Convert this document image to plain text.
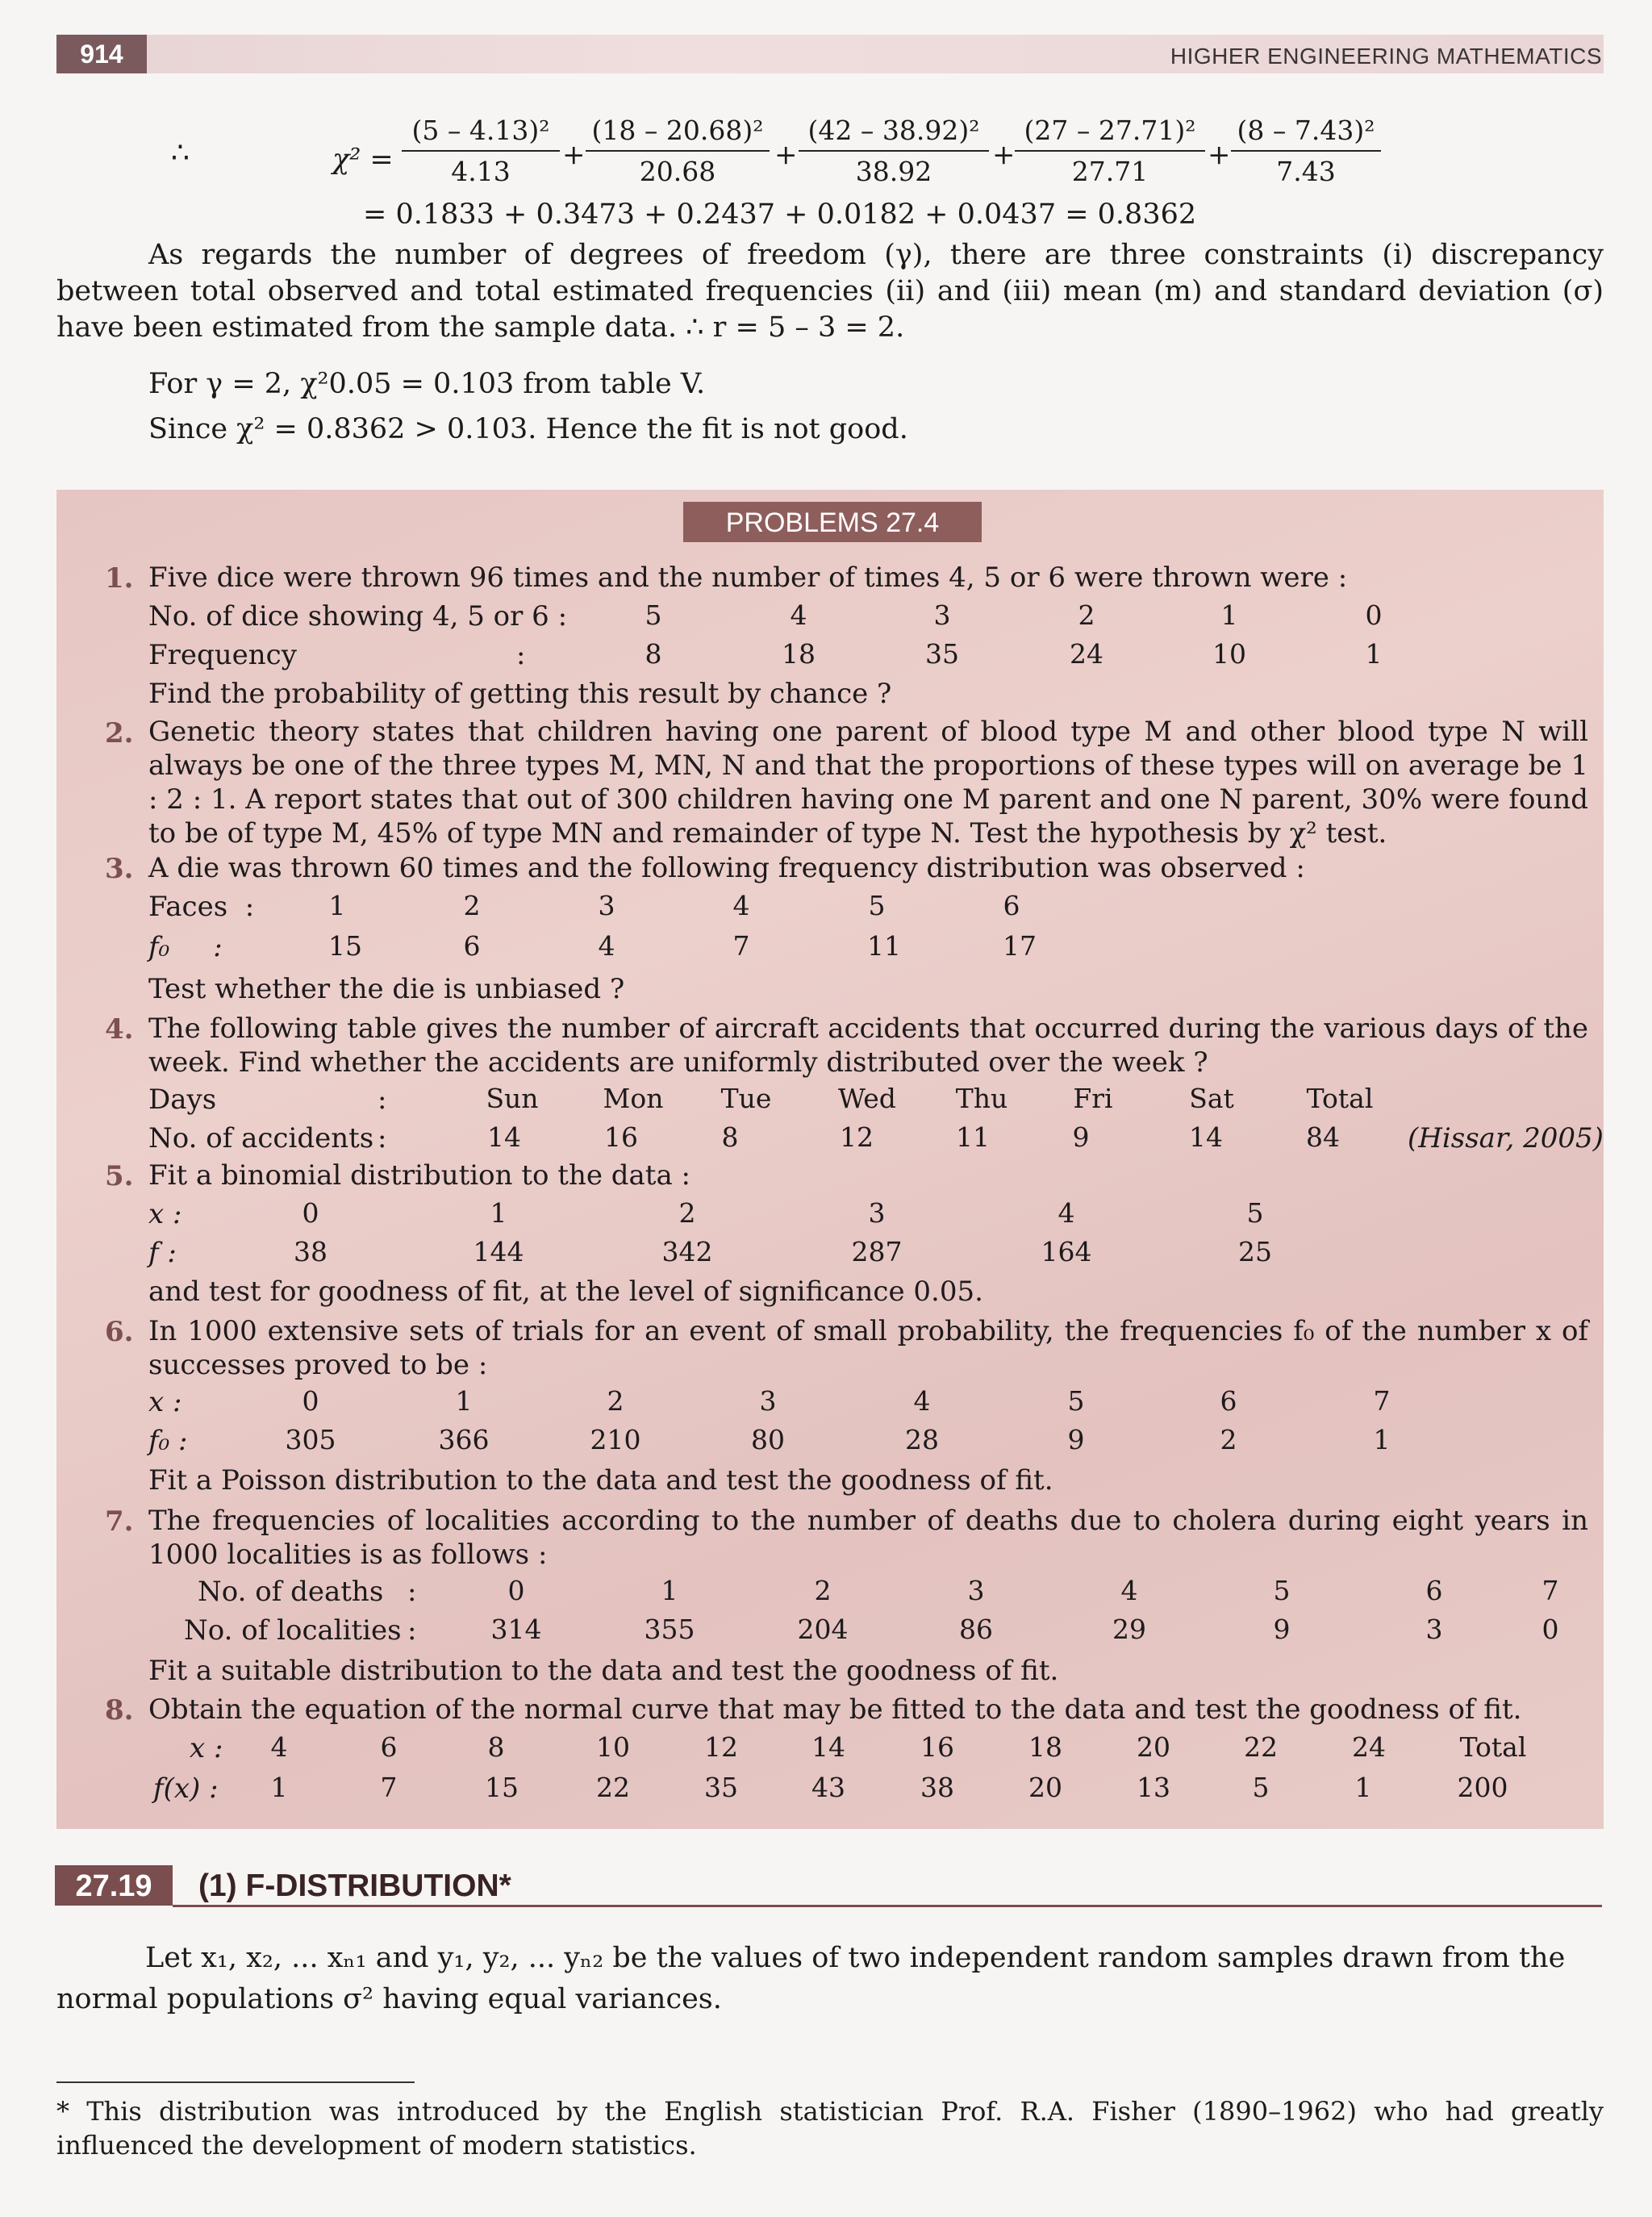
914	HIGHER ENGINEERING MATHEMATICS
∴	$\chi^2 = \frac{\text{(5 – 4.13)²}}{4.13} + \frac{\text{(18 – 20.68)²}}{20.68} + \frac{\text{(42 – 38.92)²}}{38.92} + \frac{\text{(27 – 27.71)²}}{27.71} + \frac{\text{(8 – 7.43)²}}{7.43}$
= 0.1833 + 0.3473 + 0.2437 + 0.0182 + 0.0437 = 0.8362
As regards the number of degrees of freedom (γ), there are three constraints (i) discrepancy between total observed and total estimated frequencies (ii) and (iii) mean (m) and standard deviation (σ) have been estimated from the sample data. ∴ r = 5 – 3 = 2.
For γ = 2, χ²0.05 = 0.103 from table V.
Since χ² = 0.8362 > 0.103. Hence the fit is not good.
PROBLEMS 27.4
1. Five dice were thrown 96 times and the number of times 4, 5 or 6 were thrown were :
No. of dice showing 4, 5 or 6 :	5	4	3	2	1	0
Frequency	:	8	18	35	24	10	1
Find the probability of getting this result by chance ?
2. Genetic theory states that children having one parent of blood type M and other blood type N will always be one of the three types M, MN, N and that the proportions of these types will on average be 1 : 2 : 1. A report states that out of 300 children having one M parent and one N parent, 30% were found to be of type M, 45% of type MN and remainder of type N. Test the hypothesis by χ² test.
3. A die was thrown 60 times and the following frequency distribution was observed :
Faces  :	1	2	3	4	5	6
f₀     :	15	6	4	7	11	17
Test whether the die is unbiased ?
4. The following table gives the number of aircraft accidents that occurred during the various days of the week. Find whether the accidents are uniformly distributed over the week ?
Days	:	Sun	Mon	Tue	Wed	Thu	Fri	Sat	Total
No. of accidents :	14	16	8	12	11	9	14	84	(Hissar, 2005)
5. Fit a binomial distribution to the data :
x :	0	1	2	3	4	5
f :	38	144	342	287	164	25
and test for goodness of fit, at the level of significance 0.05.
6. In 1000 extensive sets of trials for an event of small probability, the frequencies f₀ of the number x of successes proved to be :
x :	0	1	2	3	4	5	6	7
f₀ :	305	366	210	80	28	9	2	1
Fit a Poisson distribution to the data and test the goodness of fit.
7. The frequencies of localities according to the number of deaths due to cholera during eight years in 1000 localities is as follows :
No. of deaths :	0	1	2	3	4	5	6	7
No. of localities :	314	355	204	86	29	9	3	0
Fit a suitable distribution to the data and test the goodness of fit.
8. Obtain the equation of the normal curve that may be fitted to the data and test the goodness of fit.
x :	4	6	8	10	12	14	16	18	20	22	24	Total
f(x) :	1	7	15	22	35	43	38	20	13	5	1	200
27.19	(1) F-DISTRIBUTION*
Let x₁, x₂, ... xₙ₁ and y₁, y₂, ... yₙ₂ be the values of two independent random samples drawn from the
normal populations σ² having equal variances.
* This distribution was introduced by the English statistician Prof. R.A. Fisher (1890–1962) who had greatly influenced the development of modern statistics.
